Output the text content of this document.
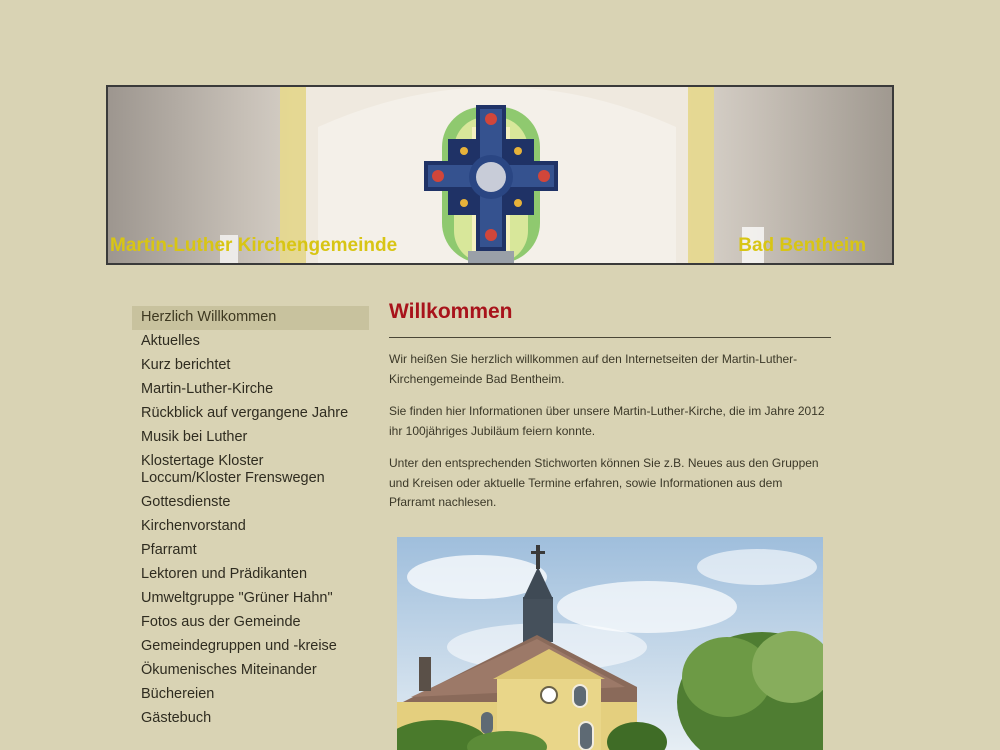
Martin-Luther Kirchengemeinde	Bad Bentheim

Herzlich Willkommen
Aktuelles
Kurz berichtet
Martin-Luther-Kirche
Rückblick auf vergangene Jahre
Musik bei Luther
Klostertage Kloster Loccum/Kloster Frenswegen
Gottesdienste
Kirchenvorstand
Pfarramt
Lektoren und Prädikanten
Umweltgruppe "Grüner Hahn"
Fotos aus der Gemeinde
Gemeindegruppen und -kreise
Ökumenisches Miteinander
Büchereien
Gästebuch
Willkommen

Wir heißen Sie herzlich willkommen auf den Internetseiten der Martin-Luther-Kirchengemeinde Bad Bentheim.

Sie finden hier Informationen über unsere Martin-Luther-Kirche, die im Jahre 2012 ihr 100jähriges Jubiläum feiern konnte.

Unter den entsprechenden Stichworten können Sie z.B. Neues aus den Gruppen und Kreisen oder aktuelle Termine erfahren, sowie Informationen aus dem Pfarramt nachlesen.
